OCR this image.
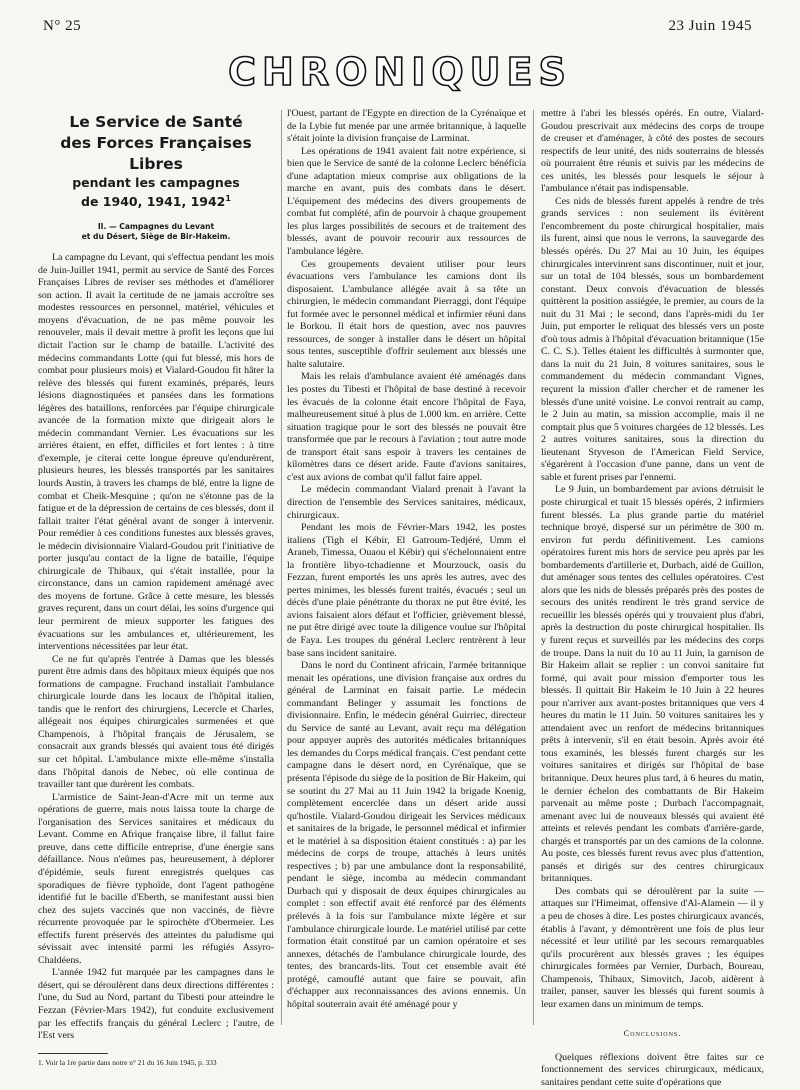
N° 25	23 Juin 1945
CHRONIQUES
Le Service de Santé
des Forces Françaises Libres
pendant les campagnes
de 1940, 1941, 1942$^1$
II. — Campagnes du Levant
et du Désert, Siège de Bir-Hakeim.

La campagne du Levant, qui s'effectua pendant les mois de Juin-Juillet 1941, permit au service de Santé des Forces Françaises Libres de reviser ses méthodes et d'améliorer son action. Il avait la certitude de ne jamais accroître ses modestes ressources en personnel, matériel, véhicules et moyens d'évacuation, de ne pas même pouvoir les renouveler, mais il devait mettre à profit les leçons que lui dictait l'action sur le champ de bataille. L'activité des médecins commandants Lotte (qui fut blessé, mis hors de combat pour plusieurs mois) et Vialard-Goudou fit hâter la relève des blessés qui furent examinés, préparés, leurs lésions diagnostiquées et pansées dans les formations légères des bataillons, renforcées par l'équipe chirurgicale avancée de la formation mixte que dirigeait alors le médecin commandant Vernier. Les évacuations sur les arrières étaient, en effet, difficiles et fort lentes : à titre d'exemple, je citerai cette longue épreuve qu'endurèrent, plusieurs heures, les blessés transportés par les sanitaires lourds Austin, à travers les champs de blé, entre la ligne de combat et Cheik-Mesquine ; qu'on ne s'étonne pas de la fatigue et de la dépression de certains de ces blessés, dont il fallait traiter l'état général avant de songer à intervenir. Pour remédier à ces conditions funestes aux blessés graves, le médecin divisionnaire Vialard-Goudou prit l'initiative de porter jusqu'au contact de la ligne de bataille, l'équipe chirurgicale de Thibaux, qui s'était installée, pour la circonstance, dans un camion rapidement aménagé avec des moyens de fortune. Grâce à cette mesure, les blessés graves reçurent, dans un court délai, les soins d'urgence qui leur permirent de mieux supporter les fatigues des évacuations sur les ambulances et, ultérieurement, les interventions nécessitées par leur état.

Ce ne fut qu'après l'entrée à Damas que les blessés purent être admis dans des hôpitaux mieux équipés que nos formations de campagne. Fruchand installait l'ambulance chirurgicale lourde dans les locaux de l'hôpital italien, tandis que le renfort des chirurgiens, Lecercle et Charles, allégeait nos équipes chirurgicales surmenées et que Champenois, à l'hôpital français de Jérusalem, se consacrait aux grands blessés qui avaient tous été dirigés sur cet hôpital. L'ambulance mixte elle-même s'installa dans l'hôpital danois de Nebec, où elle continua de travailler tant que durèrent les combats.

L'armistice de Saint-Jean-d'Acre mit un terme aux opérations de guerre, mais nous laissa toute la charge de l'organisation des Services sanitaires et médicaux du Levant. Comme en Afrique française libre, il fallut faire preuve, dans cette difficile entreprise, d'une énergie sans défaillance. Nous n'eûmes pas, heureusement, à déplorer d'épidémie, seuls furent enregistrés quelques cas sporadiques de fièvre typhoïde, dont l'agent pathogène identifié fut le bacille d'Eberth, se manifestant aussi bien chez des sujets vaccinés que non vaccinés, de fièvre récurrente provoquée par le spirochète d'Obermeier. Les effectifs furent préservés des atteintes du paludisme qui sévissait avec intensité parmi les réfugiés Assyro-Chaldéens.

L'année 1942 fut marquée par les campagnes dans le désert, qui se déroulèrent dans deux directions différentes : l'une, du Sud au Nord, partant du Tibesti pour atteindre le Fezzan (Février-Mars 1942), fut conduite exclusivement par les effectifs français du général Leclerc ; l'autre, de l'Est vers

1. Voir la 1re partie dans notre n° 21 du 16 Juin 1945, p. 333

l'Ouest, partant de l'Egypte en direction de la Cyrénaïque et de la Lybie fut menée par une armée britannique, à laquelle s'était jointe la division française de Larminat.

Les opérations de 1941 avaient fait notre expérience, si bien que le Service de santé de la colonne Leclerc bénéficia d'une adaptation mieux comprise aux obligations de la marche en avant, puis des combats dans le désert. L'équipement des médecins des divers groupements de combat fut complété, afin de pourvoir à chaque groupement les plus larges possibilités de secours et de traitement des blessés, avant de pouvoir recourir aux ressources de l'ambulance légère.

Ces groupements devaient utiliser pour leurs évacuations vers l'ambulance les camions dont ils disposaient. L'ambulance allégée avait à sa tête un chirurgien, le médecin commandant Pierraggi, dont l'équipe fut formée avec le personnel médical et infirmier réuni dans le Borkou. Il était hors de question, avec nos pauvres ressources, de songer à installer dans le désert un hôpital sous tentes, susceptible d'offrir seulement aux blessés une halte salutaire.

Mais les relais d'ambulance avaient été aménagés dans les postes du Tibesti et l'hôpital de base destiné à recevoir les évacués de la colonne était encore l'hôpital de Faya, malheureusement situé à plus de 1.000 km. en arrière. Cette situation tragique pour le sort des blessés ne pouvait être transformée que par le recours à l'aviation ; tout autre mode de transport était sans espoir à travers les centaines de kilomètres dans ce désert aride. Faute d'avions sanitaires, c'est aux avions de combat qu'il fallut faire appel.

Le médecin commandant Vialard prenait à l'avant la direction de l'ensemble des Services sanitaires, médicaux, chirurgicaux.

Pendant les mois de Février-Mars 1942, les postes italiens (Tigh el Kébir, El Gatroum-Tedjéré, Umm el Araneb, Timessa, Ouaou el Kébir) qui s'échelonnaient entre la frontière libyo-tchadienne et Mourzouck, oasis du Fezzan, furent emportés les uns après les autres, avec des pertes minimes, les blessés furent traités, évacués ; seul un décès d'une plaie pénétrante du thorax ne put être évité, les avions faisaient alors défaut et l'officier, grièvement blessé, ne put être dirigé avec toute la diligence voulue sur l'hôpital de Faya. Les troupes du général Leclerc rentrèrent à leur base sans incident sanitaire.

Dans le nord du Continent africain, l'armée britannique menait les opérations, une division française aux ordres du général de Larminat en faisait partie. Le médecin commandant Belinger y assumait les fonctions de divisionnaire. Enfin, le médecin général Guirriec, directeur du Service de santé au Levant, avait reçu ma délégation pour appuyer auprès des autorités médicales britanniques les demandes du Corps médical français. C'est pendant cette campagne dans le désert nord, en Cyrénaïque, que se présenta l'épisode du siège de la position de Bir Hakeim, qui se soutint du 27 Mai au 11 Juin 1942 la brigade Koenig, complètement encerclée dans un désert aride aussi qu'hostile. Vialard-Goudou dirigeait les Services médicaux et sanitaires de la brigade, le personnel médical et infirmier et le matériel à sa disposition étaient constitués : a) par les médecins de corps de troupe, attachés à leurs unités respectives ; b) par une ambulance dont la responsabilité, pendant le siège, incomba au médecin commandant Durbach qui y disposait de deux équipes chirurgicales au complet : son effectif avait été renforcé par des éléments prélevés à la fois sur l'ambulance mixte légère et sur l'ambulance chirurgicale lourde. Le matériel utilisé par cette formation était constitué par un camion opératoire et ses annexes, détachés de l'ambulance chirurgicale lourde, des tentes, des brancards-lits. Tout cet ensemble avait été protégé, camouflé autant que faire se pouvait, afin d'échapper aux reconnaissances des avions ennemis. Un hôpital souterrain avait été aménagé pour y

mettre à l'abri les blessés opérés. En outre, Vialard-Goudou prescrivait aux médecins des corps de troupe de creuser et d'aménager, à côté des postes de secours respectifs de leur unité, des nids souterrains de blessés où pourraient être réunis et suivis par les médecins de ces unités, les blessés pour lesquels le séjour à l'ambulance n'était pas indispensable.

Ces nids de blessés furent appelés à rendre de très grands services : non seulement ils évitèrent l'encombrement du poste chirurgical hospitalier, mais ils furent, ainsi que nous le verrons, la sauvegarde des blessés opérés. Du 27 Mai au 10 Juin, les équipes chirurgicales intervinrent sans discontinuer, nuit et jour, sur un total de 104 blessés, sous un bombardement constant. Deux convois d'évacuation de blessés quittèrent la position assiégée, le premier, au cours de la nuit du 31 Mai ; le second, dans l'après-midi du 1er Juin, put emporter le reliquat des blessés vers un poste d'où tous admis à l'hôpital d'évacuation britannique (15e C. C. S.). Telles étaient les difficultés à surmonter que, dans la nuit du 21 Juin, 8 voitures sanitaires, sous le commandement du médecin commandant Vignes, reçurent la mission d'aller chercher et de ramener les blessés d'une unité voisine. Le convoi rentrait au camp, le 2 Juin au matin, sa mission accomplie, mais il ne comptait plus que 5 voitures chargées de 12 blessés. Les 2 autres voitures sanitaires, sous la direction du lieutenant Styveson de l'American Field Service, s'égarèrent à l'occasion d'une panne, dans un vent de sable et furent prises par l'ennemi.

Le 9 Juin, un bombardement par avions détruisit le poste chirurgical et tuait 15 blessés opérés, 2 infirmiers furent blessés. La plus grande partie du matériel technique broyé, dispersé sur un périmètre de 300 m. environ fut perdu définitivement. Les camions opératoires furent mis hors de service peu après par les bombardements d'artillerie et, Durbach, aidé de Guillon, dut aménager sous tentes des cellules opératoires. C'est alors que les nids de blessés préparés près des postes de secours des unités rendirent le très grand service de recueillir les blessés opérés qui y trouvaient plus d'abri, après la destruction du poste chirurgical hospitalier. Ils y furent reçus et surveillés par les médecins des corps de troupe. Dans la nuit du 10 au 11 Juin, la garnison de Bir Hakeim allait se replier : un convoi sanitaire fut formé, qui avait pour mission d'emporter tous les blessés. Il quittait Bir Hakeim le 10 Juin à 22 heures pour n'arriver aux avant-postes britanniques que vers 4 heures du matin le 11 Juin. 50 voitures sanitaires les y attendaient avec un renfort de médecins britanniques prêts à intervenir, s'il en était besoin. Après avoir été tous examinés, les blessés furent chargés sur les voitures sanitaires et dirigés sur l'hôpital de base britannique. Deux heures plus tard, à 6 heures du matin, le dernier échelon des combattants de Bir Hakeim parvenait au même poste ; Durbach l'accompagnait, amenant avec lui de nouveaux blessés qui avaient été atteints et relevés pendant les combats d'arrière-garde, chargés et transportés par un des camions de la colonne. Au poste, ces blessés furent revus avec plus d'attention, pansés et dirigés sur des centres chirurgicaux britanniques.

Des combats qui se déroulèrent par la suite — attaques sur l'Himeimat, offensive d'Al-Alamein — il y a peu de choses à dire. Les postes chirurgicaux avancés, établis à l'avant, y démontrèrent une fois de plus leur nécessité et leur utilité par les secours remarquables qu'ils procurèrent aux blessés graves ; les équipes chirurgicales formées par Vernier, Durbach, Boureau, Champenois, Thibaux, Simovitch, Jacob, aidèrent à trailer, panser, sauver les blessés qui furent soumis à leur examen dans un minimum de temps.

Conclusions.

Quelques réflexions doivent être faites sur ce fonctionnement des services chirurgicaux, médicaux, sanitaires pendant cette suite d'opérations que
